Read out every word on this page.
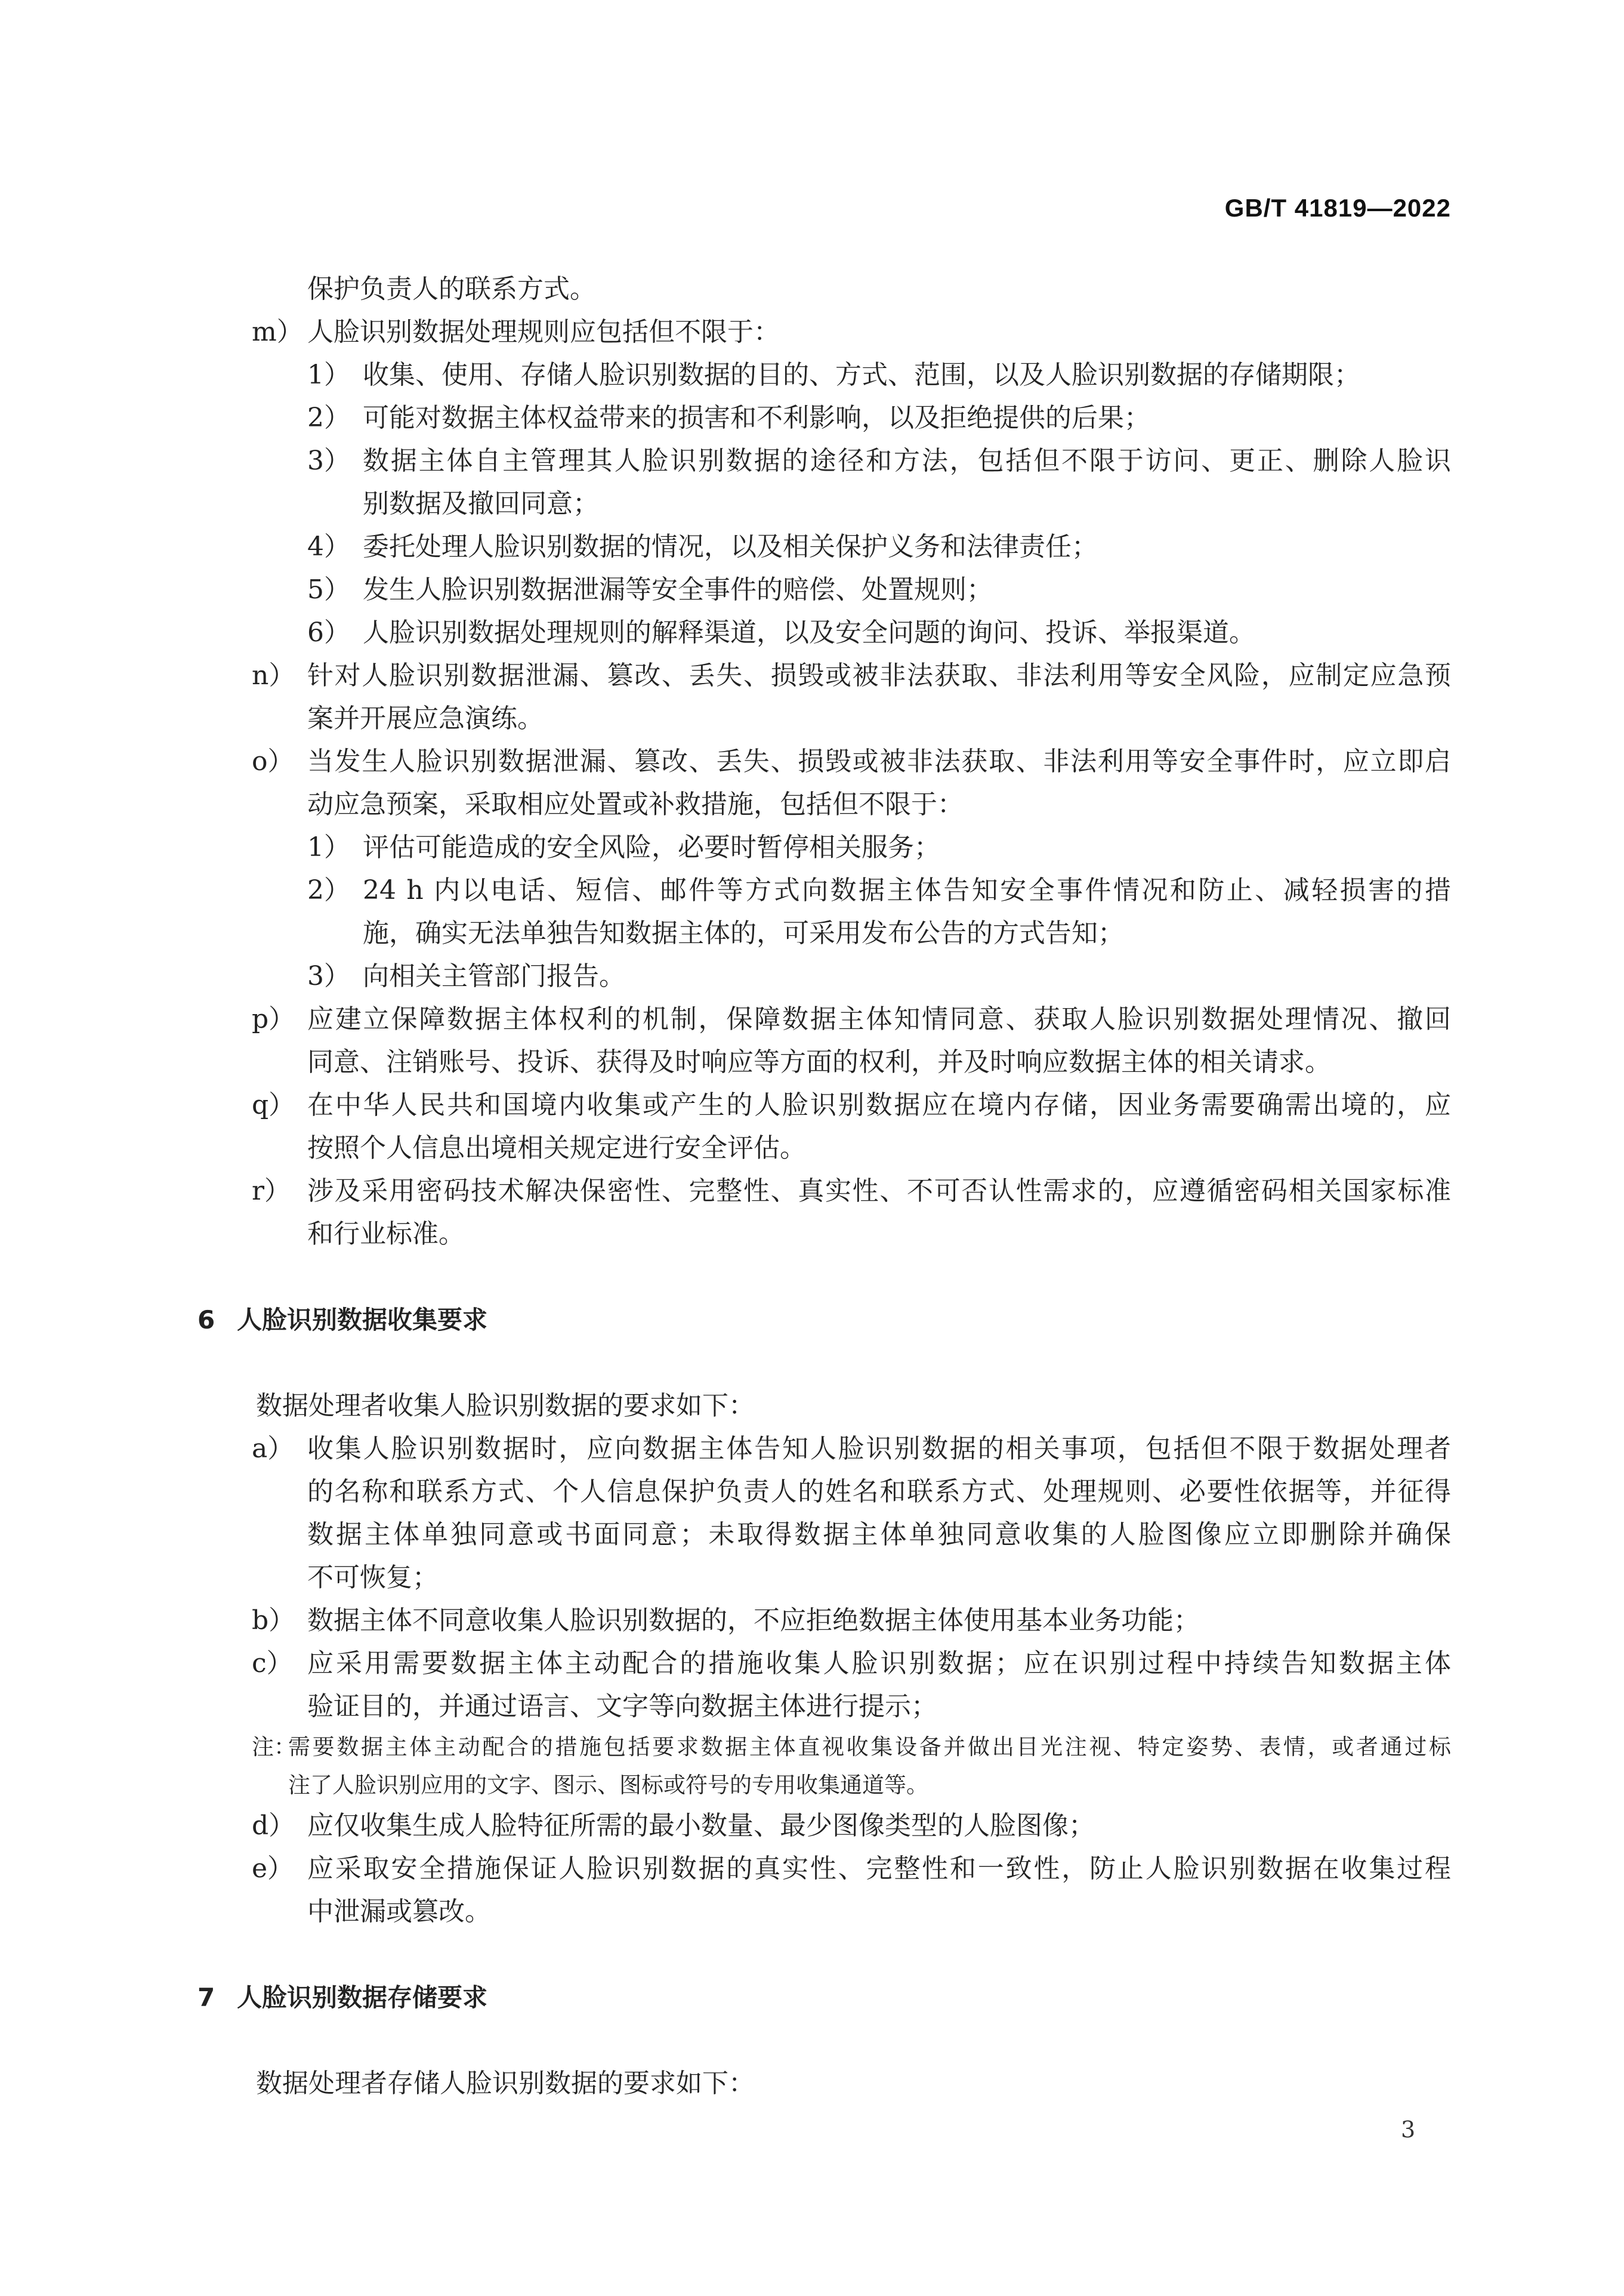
GB/T 41819—2022
保护负责人的联系方式。
m） 人脸识别数据处理规则应包括但不限于：
1） 收集、使用、存储人脸识别数据的目的、方式、范围，以及人脸识别数据的存储期限；
2） 可能对数据主体权益带来的损害和不利影响，以及拒绝提供的后果；
3） 数据主体自主管理其人脸识别数据的途径和方法，包括但不限于访问、更正、删除人脸识
别数据及撤回同意；
4） 委托处理人脸识别数据的情况，以及相关保护义务和法律责任；
5） 发生人脸识别数据泄漏等安全事件的赔偿、处置规则；
6） 人脸识别数据处理规则的解释渠道，以及安全问题的询问、投诉、举报渠道。
n） 针对人脸识别数据泄漏、篡改、丢失、损毁或被非法获取、非法利用等安全风险，应制定应急预
案并开展应急演练。
o） 当发生人脸识别数据泄漏、篡改、丢失、损毁或被非法获取、非法利用等安全事件时，应立即启
动应急预案，采取相应处置或补救措施，包括但不限于：
1） 评估可能造成的安全风险，必要时暂停相关服务；
2） 24 h 内以电话、短信、邮件等方式向数据主体告知安全事件情况和防止、减轻损害的措
施，确实无法单独告知数据主体的，可采用发布公告的方式告知；
3） 向相关主管部门报告。
p） 应建立保障数据主体权利的机制，保障数据主体知情同意、获取人脸识别数据处理情况、撤回
同意、注销账号、投诉、获得及时响应等方面的权利，并及时响应数据主体的相关请求。
q） 在中华人民共和国境内收集或产生的人脸识别数据应在境内存储，因业务需要确需出境的，应
按照个人信息出境相关规定进行安全评估。
r） 涉及采用密码技术解决保密性、完整性、真实性、不可否认性需求的，应遵循密码相关国家标准
和行业标准。
6 人脸识别数据收集要求
数据处理者收集人脸识别数据的要求如下：
a） 收集人脸识别数据时，应向数据主体告知人脸识别数据的相关事项，包括但不限于数据处理者
的名称和联系方式、个人信息保护负责人的姓名和联系方式、处理规则、必要性依据等，并征得
数据主体单独同意或书面同意；未取得数据主体单独同意收集的人脸图像应立即删除并确保
不可恢复；
b） 数据主体不同意收集人脸识别数据的，不应拒绝数据主体使用基本业务功能；
c） 应采用需要数据主体主动配合的措施收集人脸识别数据；应在识别过程中持续告知数据主体
验证目的，并通过语言、文字等向数据主体进行提示；
注：
需要数据主体主动配合的措施包括要求数据主体直视收集设备并做出目光注视、特定姿势、表情，或者通过标
注了人脸识别应用的文字、图示、图标或符号的专用收集通道等。
d） 应仅收集生成人脸特征所需的最小数量、最少图像类型的人脸图像；
e） 应采取安全措施保证人脸识别数据的真实性、完整性和一致性，防止人脸识别数据在收集过程
中泄漏或篡改。
7 人脸识别数据存储要求
数据处理者存储人脸识别数据的要求如下：
3
